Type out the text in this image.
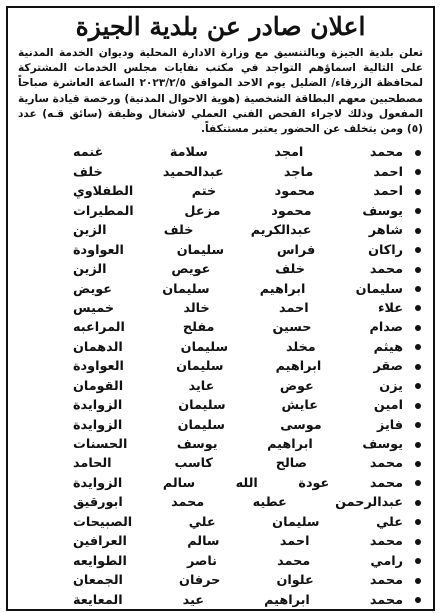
اعلان صادر عن بلدية الجيزة
تعلن بلدية الجيزة وبالتنسيق مع وزارة الادارة المحلية وديوان الخدمة المدنية على التالية اسماؤهم التواجد في مكتب نفايات مجلس الخدمات المشتركة لمحافظة الزرقاء/ الضليل يوم الاحد الموافق ٢٠٢٣/٢/٥ الساعة العاشرة صباحاً مصطحبين معهم البطاقة الشخصية (هوية الاحوال المدنية) ورخصة قيادة سارية المفعول وذلك لاجراء الفحص الفني العملي لاشغال وظيفة (سائق قـه) عدد (٥) ومن يتخلف عن الحضور يعتبر مستنكفاً.
محمد امجد سلامة غنمه
احمد ماجد عبدالحميد خلف
احمد محمود ختم الطفلاوي
يوسف محمود مزعل المطيرات
شاهر عبدالكريم خلف الزين
راكان فراس سليمان العواودة
محمد خلف عويص الزين
سليمان ابراهيم سليمان عويض
علاء احمد خالد خميس
صدام حسين مفلح المراعبه
هيثم مخلد سليمان الدهمان
صقر ابراهيم سليمان العواودة
يزن عوض عايد القومان
امين عايش سليمان الزوايدة
فايز موسى سليمان الزوايدة
يوسف ابراهيم يوسف الحسنات
محمد صالح كاسب الحامد
محمد عودة الله سالم الزوايدة
عبدالرحمن عطيه محمد ابورقيق
علي سليمان علي الصبيحات
محمد احمد سالم العرافين
رامي محمد ناصر الطوايعه
محمد علوان حرفان الجمعان
محمد ابراهيم عيد المعايعة
